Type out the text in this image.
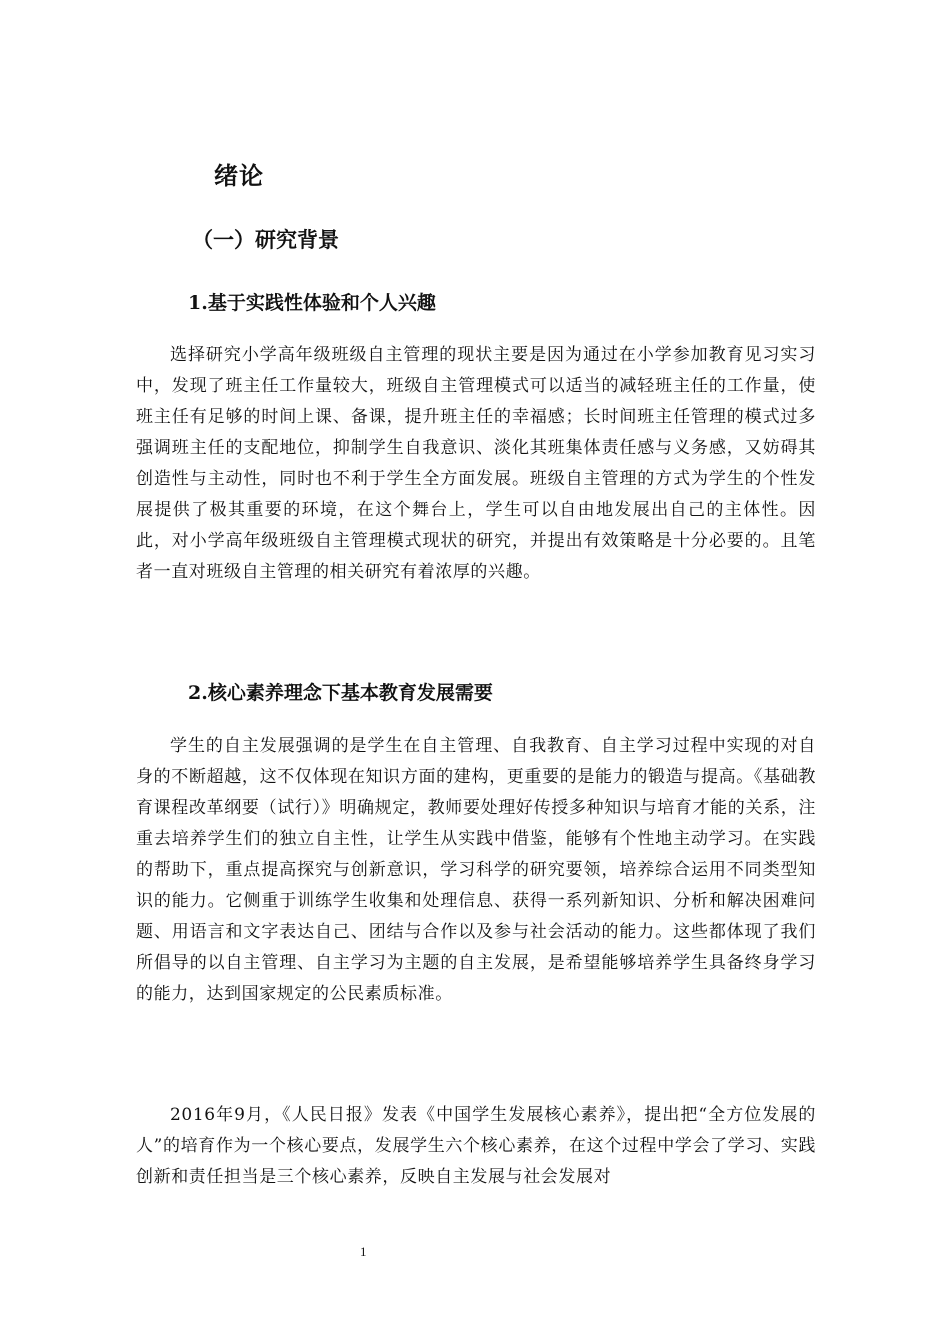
绪论
（一）研究背景
1.基于实践性体验和个人兴趣
选择研究小学高年级班级自主管理的现状主要是因为通过在小学参加教育见习实习中，发现了班主任工作量较大，班级自主管理模式可以适当的减轻班主任的工作量，使班主任有足够的时间上课、备课，提升班主任的幸福感；长时间班主任管理的模式过多强调班主任的支配地位，抑制学生自我意识、淡化其班集体责任感与义务感，又妨碍其创造性与主动性，同时也不利于学生全方面发展。班级自主管理的方式为学生的个性发展提供了极其重要的环境，在这个舞台上，学生可以自由地发展出自己的主体性。因此，对小学高年级班级自主管理模式现状的研究，并提出有效策略是十分必要的。且笔者一直对班级自主管理的相关研究有着浓厚的兴趣。
2.核心素养理念下基本教育发展需要
学生的自主发展强调的是学生在自主管理、自我教育、自主学习过程中实现的对自身的不断超越，这不仅体现在知识方面的建构，更重要的是能力的锻造与提高。《基础教育课程改革纲要（试行）》明确规定，教师要处理好传授多种知识与培育才能的关系，注重去培养学生们的独立自主性，让学生从实践中借鉴，能够有个性地主动学习。在实践的帮助下，重点提高探究与创新意识，学习科学的研究要领，培养综合运用不同类型知识的能力。它侧重于训练学生收集和处理信息、获得一系列新知识、分析和解决困难问题、用语言和文字表达自己、团结与合作以及参与社会活动的能力。这些都体现了我们所倡导的以自主管理、自主学习为主题的自主发展，是希望能够培养学生具备终身学习的能力，达到国家规定的公民素质标准。
2016年9月，《人民日报》发表《中国学生发展核心素养》，提出把“全方位发展的人”的培育作为一个核心要点，发展学生六个核心素养，在这个过程中学会了学习、实践创新和责任担当是三个核心素养，反映自主发展与社会发展对
1
